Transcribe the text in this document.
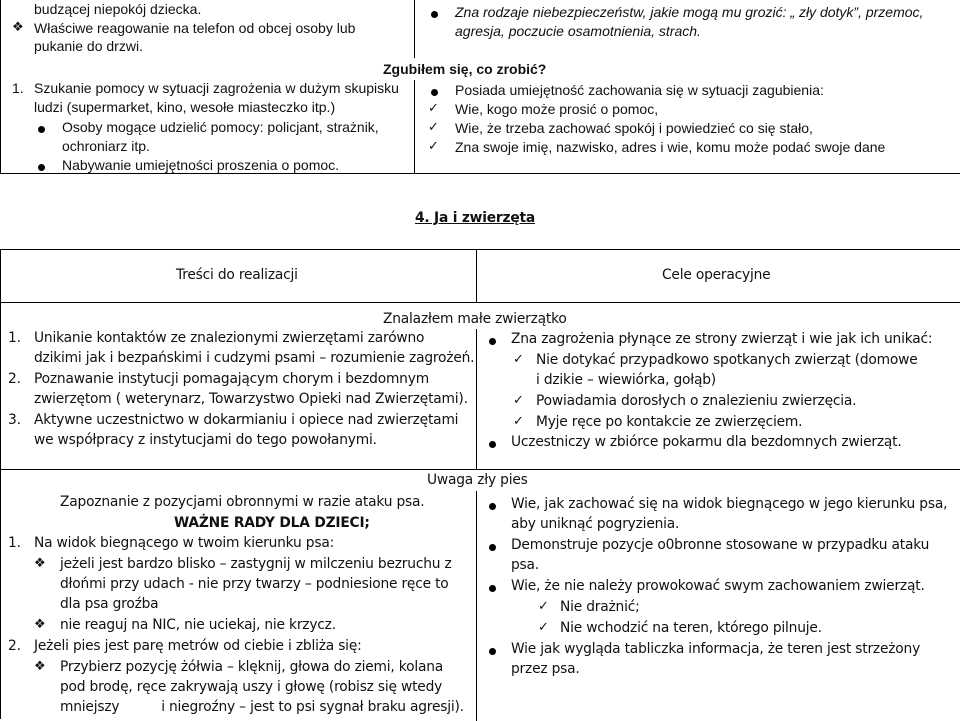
budzącej niepokój dziecka.
❖ Właściwe reagowanie na telefon od obcej osoby lub
pukanie do drzwi.
1. Szukanie pomocy w sytuacji zagrożenia w dużym skupisku
ludzi (supermarket, kino, wesołe miasteczko itp.)
Osoby mogące udzielić pomocy: policjant, strażnik,
ochroniarz itp.
Nabywanie umiejętności proszenia o pomoc.
Zna rodzaje niebezpieczeństw, jakie mogą mu grozić: „ zły dotyk”, przemoc,
agresja, poczucie osamotnienia, strach.
Zgubiłem się, co zrobić?
Posiada umiejętność zachowania się w sytuacji zagubienia:
✓ Wie, kogo może prosić o pomoc,
✓ Wie, że trzeba zachować spokój i powiedzieć co się stało,
✓ Zna swoje imię, nazwisko, adres i wie, komu może podać swoje dane
4. Ja i zwierzęta
Treści do realizacji	Cele operacyjne
Znalazłem małe zwierzątko
1. Unikanie kontaktów ze znalezionymi zwierzętami zarówno
dzikimi jak i bezpańskimi i cudzymi psami – rozumienie zagrożeń.
2. Poznawanie instytucji pomagającym chorym i bezdomnym
zwierzętom ( weterynarz, Towarzystwo Opieki nad Zwierzętami).
3. Aktywne uczestnictwo w dokarmianiu i opiece nad zwierzętami
we współpracy z instytucjami do tego powołanymi.
Zna zagrożenia płynące ze strony zwierząt i wie jak ich unikać:
✓ Nie dotykać przypadkowo spotkanych zwierząt (domowe
i dzikie – wiewiórka, gołąb)
✓ Powiadamia dorosłych o znalezieniu zwierzęcia.
✓ Myje ręce po kontakcie ze zwierzęciem.
Uczestniczy w zbiórce pokarmu dla bezdomnych zwierząt.
Uwaga zły pies
Zapoznanie z pozycjami obronnymi w razie ataku psa.
WAŻNE RADY DLA DZIECI;
1. Na widok biegnącego w twoim kierunku psa:
❖ jeżeli jest bardzo blisko – zastygnij w milczeniu bezruchu z
dłońmi przy udach - nie przy twarzy – podniesione ręce to
dla psa groźba
❖ nie reaguj na NIC, nie uciekaj, nie krzycz.
2. Jeżeli pies jest parę metrów od ciebie i zbliża się:
❖ Przybierz pozycję żółwia – klęknij, głowa do ziemi, kolana
pod brodę, ręce zakrywają uszy i głowę (robisz się wtedy
mniejszy          i niegroźny – jest to psi sygnał braku agresji).
Wie, jak zachować się na widok biegnącego w jego kierunku psa,
aby uniknąć pogryzienia.
Demonstruje pozycje o0bronne stosowane w przypadku ataku
psa.
Wie, że nie należy prowokować swym zachowaniem zwierząt.
✓ Nie drażnić;
✓ Nie wchodzić na teren, którego pilnuje.
Wie jak wygląda tabliczka informacja, że teren jest strzeżony
przez psa.
